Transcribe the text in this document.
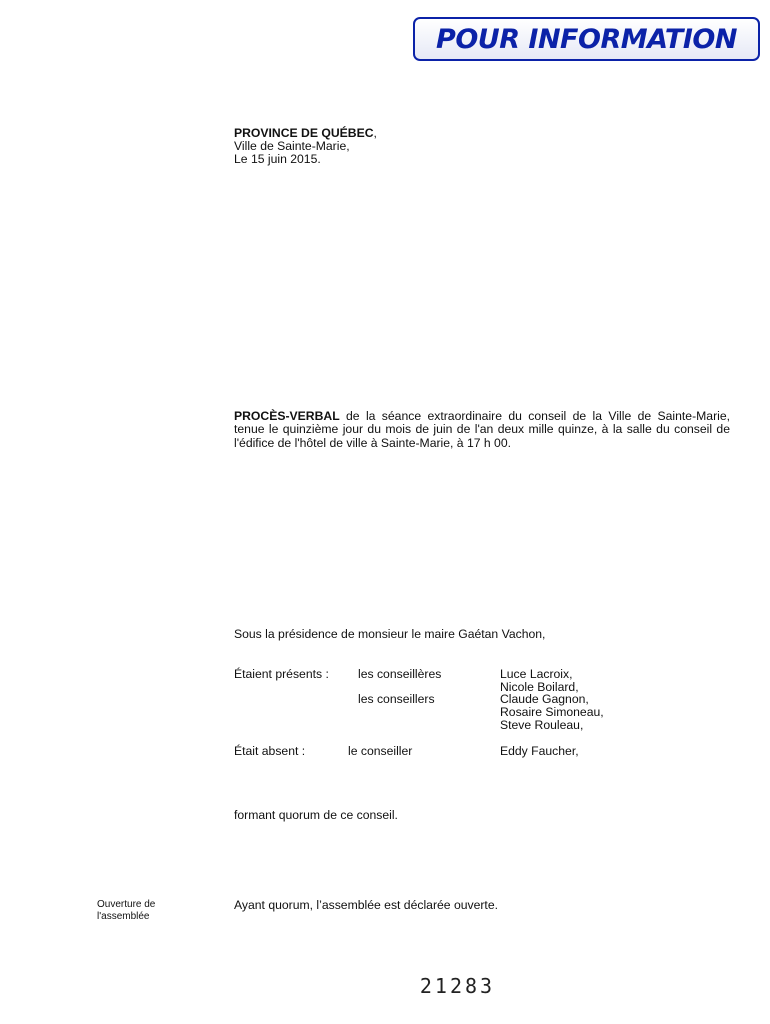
POUR INFORMATION
PROVINCE DE QUÉBEC,
Ville de Sainte-Marie,
Le 15 juin 2015.
PROCÈS-VERBAL de la séance extraordinaire du conseil de la Ville de Sainte-Marie, tenue le quinzième jour du mois de juin de l'an deux mille quinze, à la salle du conseil de l'édifice de l'hôtel de ville à Sainte-Marie, à 17 h 00.
Sous la présidence de monsieur le maire Gaétan Vachon,
Étaient présents : les conseillères
les conseillers
Luce Lacroix,
Nicole Boilard,
Claude Gagnon,
Rosaire Simoneau,
Steve Rouleau,
Était absent :	le conseiller	Eddy Faucher,
formant quorum de ce conseil.
Ouverture de
l'assemblée
Ayant quorum, l’assemblée est déclarée ouverte.
21283
